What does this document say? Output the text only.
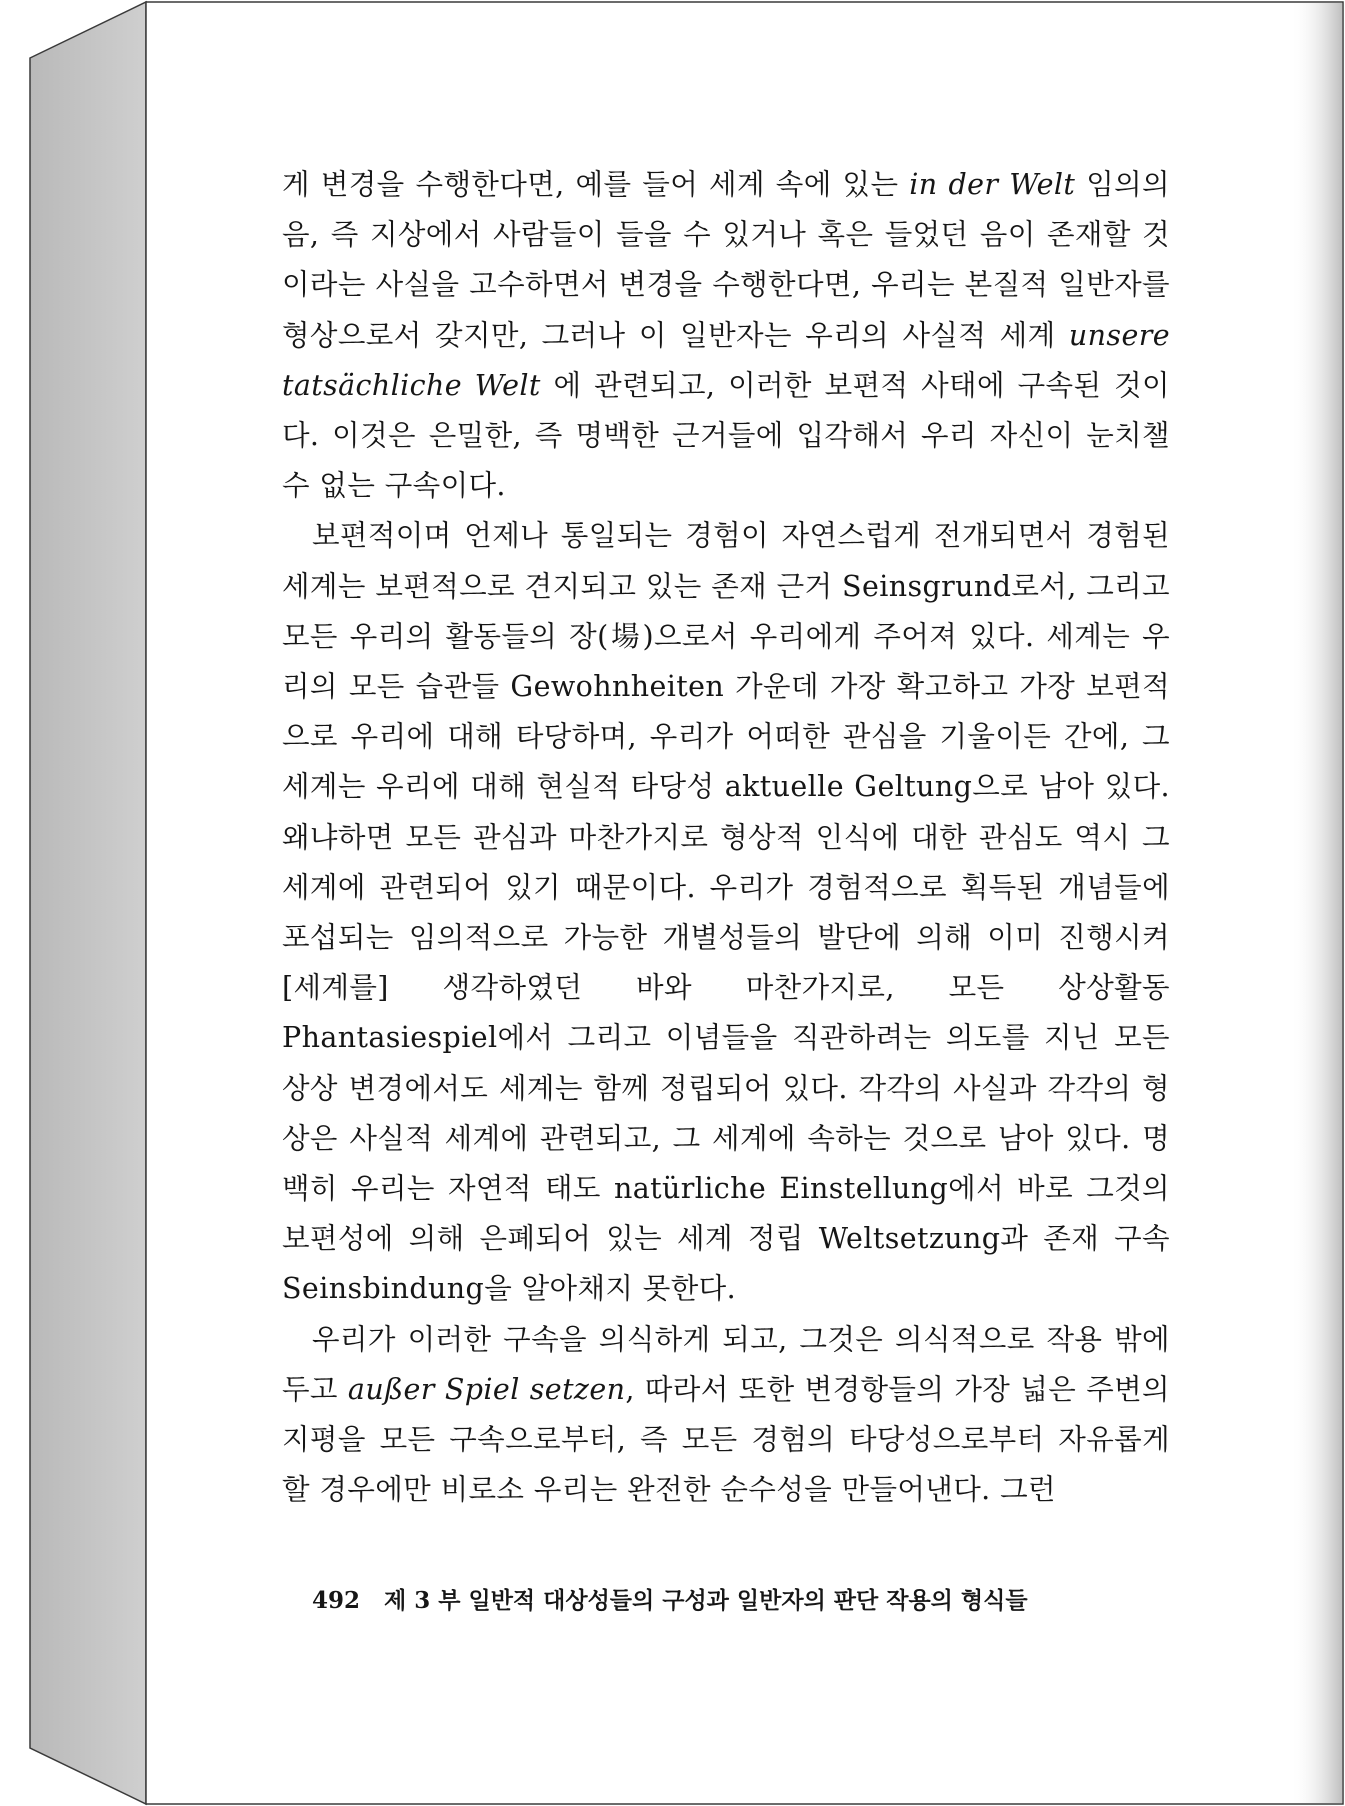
게 변경을 수행한다면, 예를 들어 세계 속에 있는 in der Welt 임의의 음, 즉 지상에서 사람들이 들을 수 있거나 혹은 들었던 음이 존재할 것이라는 사실을 고수하면서 변경을 수행한다면, 우리는 본질적 일반자를 형상으로서 갖지만, 그러나 이 일반자는 우리의 사실적 세계 unsere tatsächliche Welt 에 관련되고, 이러한 보편적 사태에 구속된 것이다. 이것은 은밀한, 즉 명백한 근거들에 입각해서 우리 자신이 눈치챌 수 없는 구속이다.

보편적이며 언제나 통일되는 경험이 자연스럽게 전개되면서 경험된 세계는 보편적으로 견지되고 있는 존재 근거 Seinsgrund로서, 그리고 모든 우리의 활동들의 장(場)으로서 우리에게 주어져 있다. 세계는 우리의 모든 습관들 Gewohnheiten 가운데 가장 확고하고 가장 보편적으로 우리에 대해 타당하며, 우리가 어떠한 관심을 기울이든 간에, 그 세계는 우리에 대해 현실적 타당성 aktuelle Geltung으로 남아 있다. 왜냐하면 모든 관심과 마찬가지로 형상적 인식에 대한 관심도 역시 그 세계에 관련되어 있기 때문이다. 우리가 경험적으로 획득된 개념들에 포섭되는 임의적으로 가능한 개별성들의 발단에 의해 이미 진행시켜 [세계를] 생각하였던 바와 마찬가지로, 모든 상상활동 Phantasiespiel에서 그리고 이념들을 직관하려는 의도를 지닌 모든 상상 변경에서도 세계는 함께 정립되어 있다. 각각의 사실과 각각의 형상은 사실적 세계에 관련되고, 그 세계에 속하는 것으로 남아 있다. 명백히 우리는 자연적 태도 natürliche Einstellung에서 바로 그것의 보편성에 의해 은폐되어 있는 세계 정립 Weltsetzung과 존재 구속 Seinsbindung을 알아채지 못한다.

우리가 이러한 구속을 의식하게 되고, 그것은 의식적으로 작용 밖에 두고 außer Spiel setzen, 따라서 또한 변경항들의 가장 넓은 주변의 지평을 모든 구속으로부터, 즉 모든 경험의 타당성으로부터 자유롭게 할 경우에만 비로소 우리는 완전한 순수성을 만들어낸다. 그런

492 제 3 부 일반적 대상성들의 구성과 일반자의 판단 작용의 형식들
